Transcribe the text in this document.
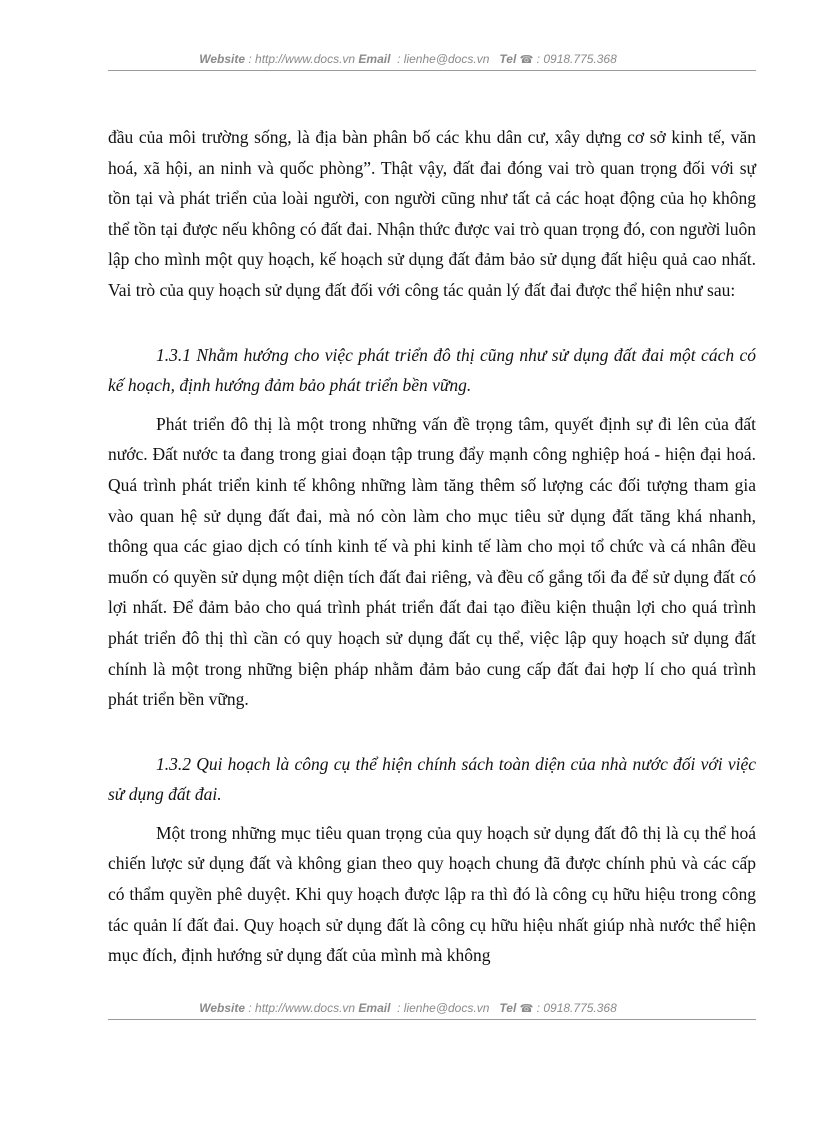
Website : http://www.docs.vn Email  : lienhe@docs.vn Tel ☎ : 0918.775.368

đầu của môi trường sống, là địa bàn phân bố các khu dân cư, xây dựng cơ sở kinh tế, văn hoá, xã hội, an ninh và quốc phòng”. Thật vậy, đất đai đóng vai trò quan trọng đối với sự tồn tại và phát triển của loài người, con người cũng như tất cả các hoạt động của họ không thể tồn tại được nếu không có đất đai. Nhận thức được vai trò quan trọng đó, con người luôn lập cho mình một quy hoạch, kế hoạch sử dụng đất đảm bảo sử dụng đất hiệu quả cao nhất. Vai trò của quy hoạch sử dụng đất đối với công tác quản lý đất đai được thể hiện như sau:

1.3.1 Nhằm hướng cho việc phát triển đô thị cũng như sử dụng đất đai một cách có kế hoạch, định hướng đảm bảo phát triển bền vững.

Phát triển đô thị là một trong những vấn đề trọng tâm, quyết định sự đi lên của đất nước. Đất nước ta đang trong giai đoạn tập trung đẩy mạnh công nghiệp hoá - hiện đại hoá. Quá trình phát triển kinh tế không những làm tăng thêm số lượng các đối tượng tham gia vào quan hệ sử dụng đất đai, mà nó còn làm cho mục tiêu sử dụng đất tăng khá nhanh, thông qua các giao dịch có tính kinh tế và phi kinh tế làm cho mọi tổ chức và cá nhân đều muốn có quyền sử dụng một diện tích đất đai riêng, và đều cố gắng tối đa để sử dụng đất có lợi nhất. Để đảm bảo cho quá trình phát triển đất đai tạo điều kiện thuận lợi cho quá trình phát triển đô thị thì cần có quy hoạch sử dụng đất cụ thể, việc lập quy hoạch sử dụng đất chính là một trong những biện pháp nhằm đảm bảo cung cấp đất đai hợp lí cho quá trình phát triển bền vững.

1.3.2 Qui hoạch là công cụ thể hiện chính sách toàn diện của nhà nước đối với việc sử dụng đất đai.

Một trong những mục tiêu quan trọng của quy hoạch sử dụng đất đô thị là cụ thể hoá chiến lược sử dụng đất và không gian theo quy hoạch chung đã được chính phủ và các cấp có thẩm quyền phê duyệt. Khi quy hoạch được lập ra thì đó là công cụ hữu hiệu trong công tác quản lí đất đai. Quy hoạch sử dụng đất là công cụ hữu hiệu nhất giúp nhà nước thể hiện mục đích, định hướng sử dụng đất của mình mà không

Website : http://www.docs.vn Email  : lienhe@docs.vn Tel ☎ : 0918.775.368
